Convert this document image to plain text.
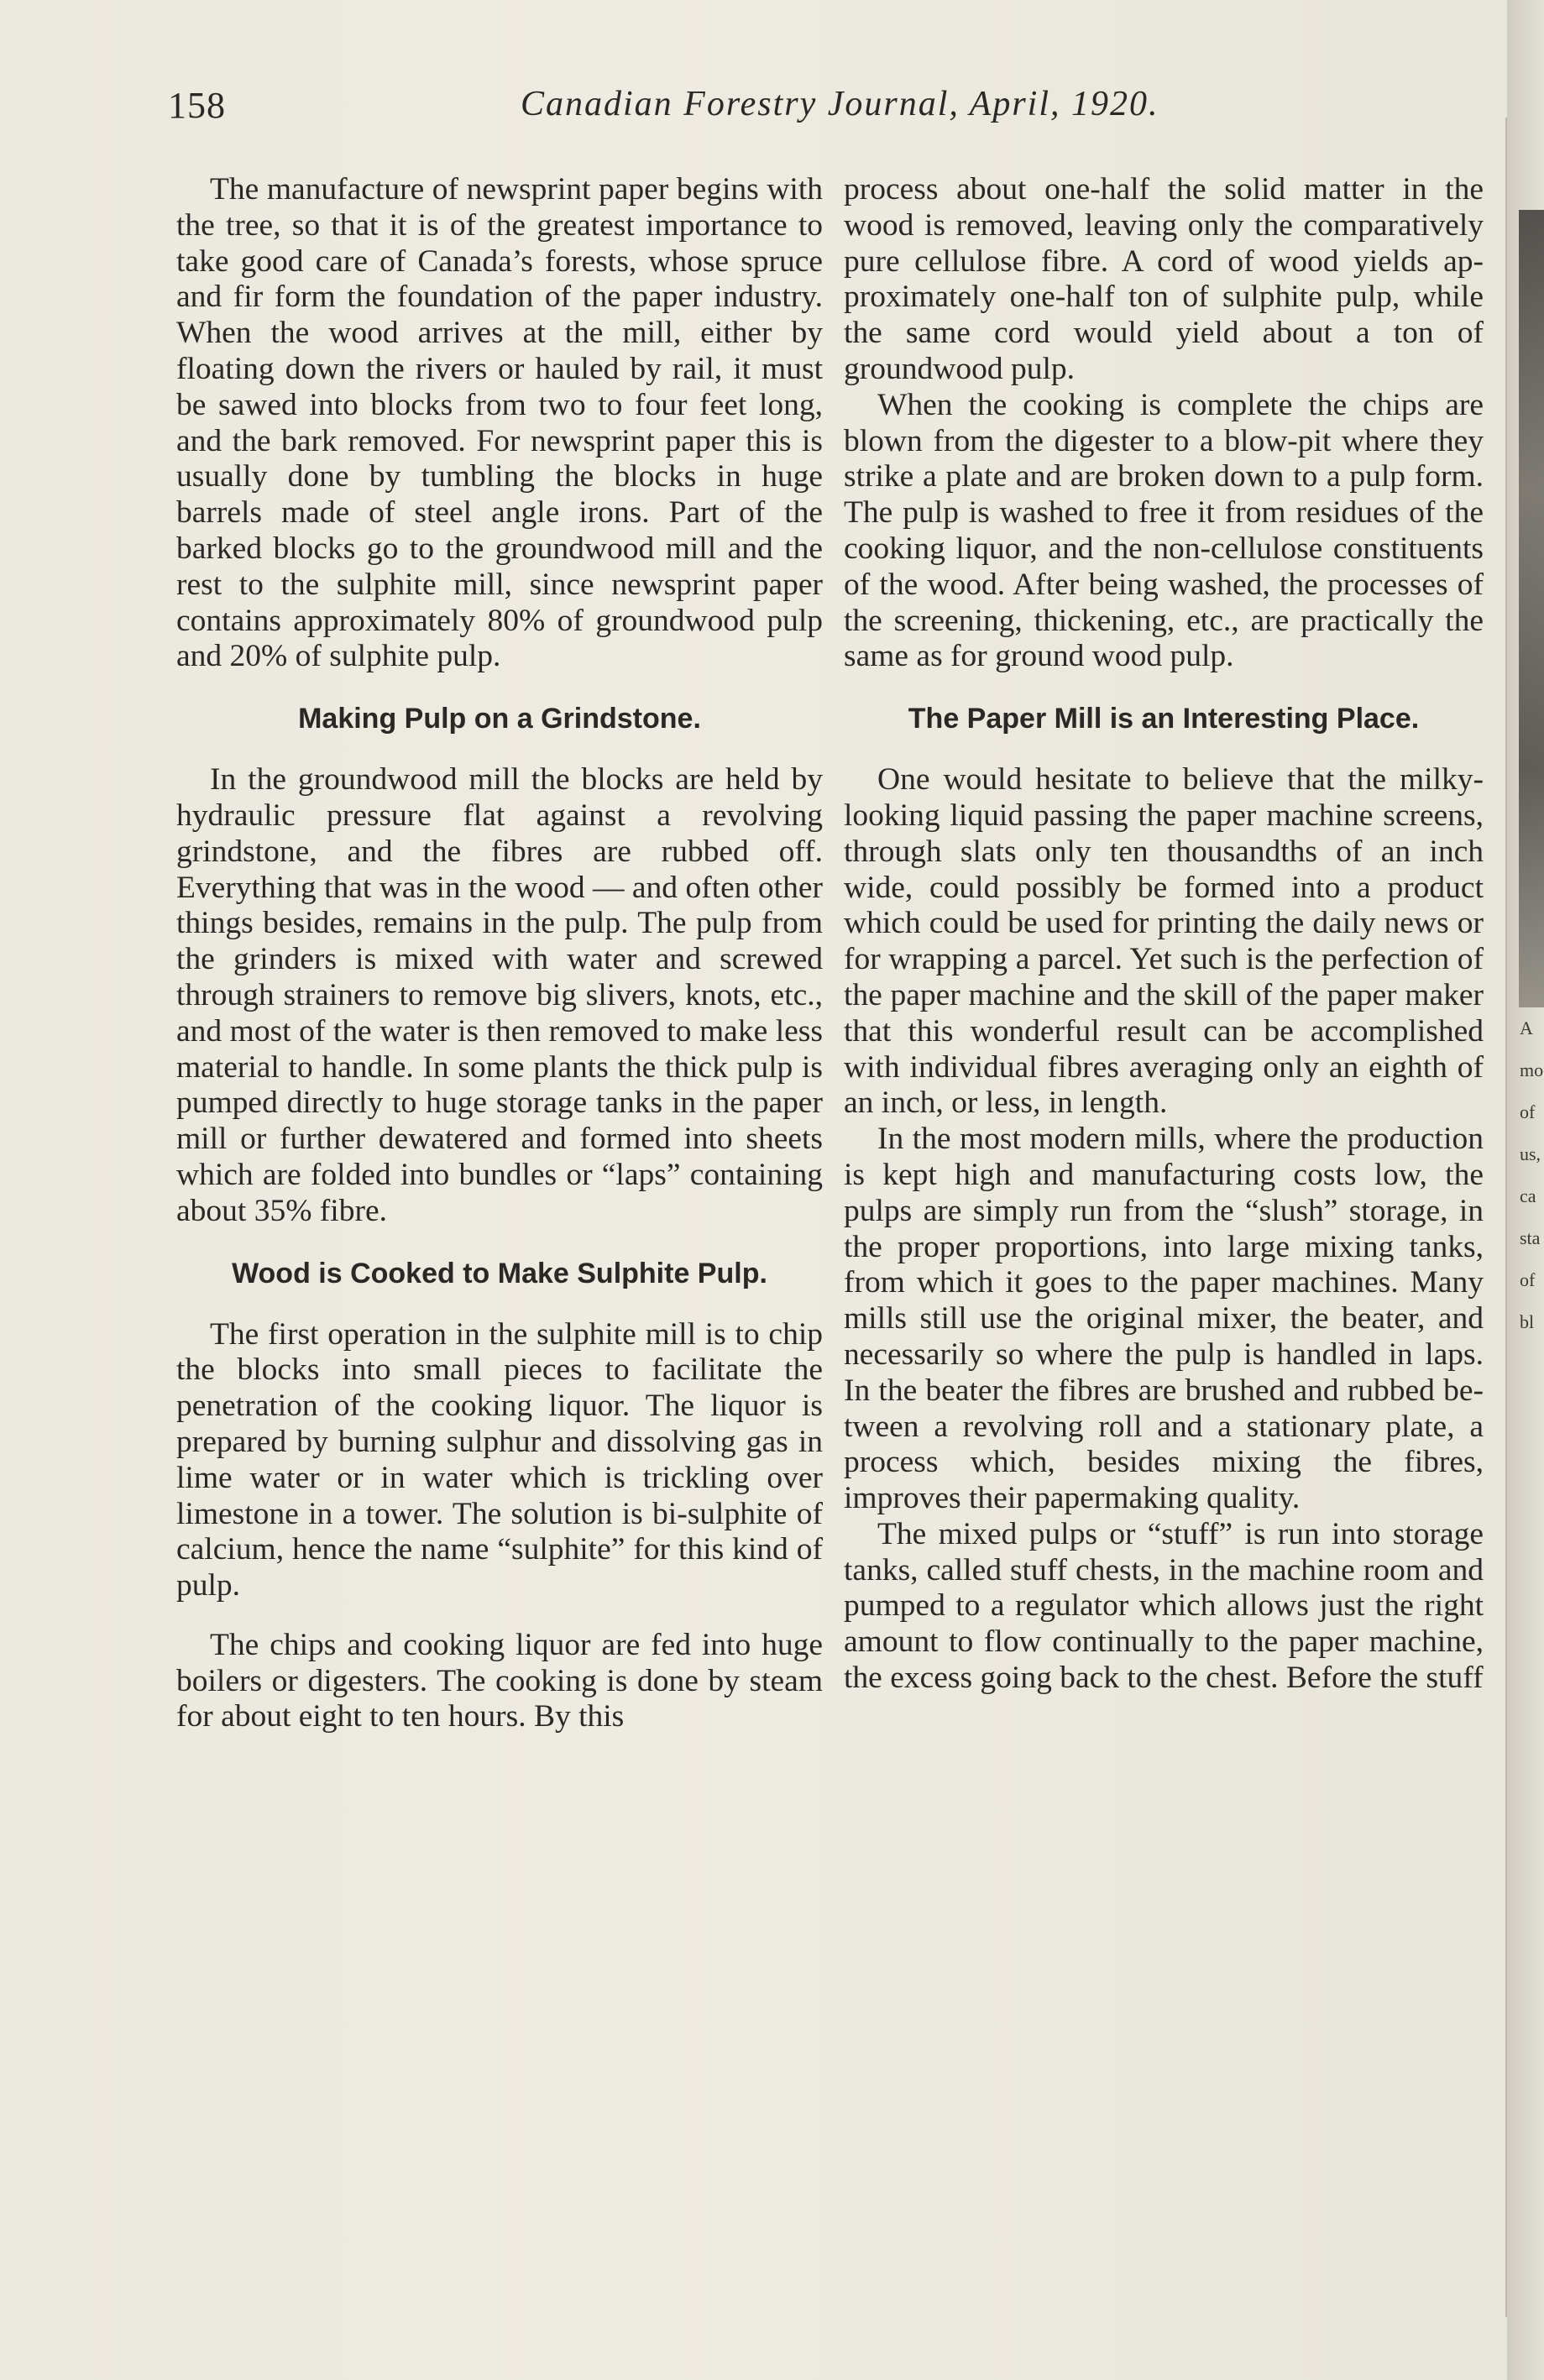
158	Canadian Forestry Journal, April, 1920.

The manufacture of newsprint paper begins with the tree, so that it is of the greatest importance to take good care of Canada’s forests, whose spruce and fir form the foundation of the paper industry. When the wood arrives at the mill, either by floating down the rivers or hauled by rail, it must be sawed into blocks from two to four feet long, and the bark removed. For newsprint paper this is usually done by tumbling the blocks in huge barrels made of steel angle irons. Part of the barked blocks go to the groundwood mill and the rest to the sulphite mill, since newsprint paper contains approximately 80% of groundwood pulp and 20% of sulphite pulp.

Making Pulp on a Grindstone.

In the groundwood mill the blocks are held by hydraulic pressure flat against a revolving grindstone, and the fibres are rubbed off. Everything that was in the wood — and often other things besides, remains in the pulp. The pulp from the grinders is mixed with water and screwed through strainers to remove big slivers, knots, etc., and most of the water is then removed to make less material to handle. In some plants the thick pulp is pumped directly to huge storage tanks in the paper mill or further dewatered and formed into sheets which are folded into bundles or “laps” containing about 35% fibre.

Wood is Cooked to Make Sulphite Pulp.

The first operation in the sulphite mill is to chip the blocks into small pieces to facilitate the penetration of the cooking liquor. The liquor is prepared by burning sulphur and dissolving gas in lime water or in water which is trickling over limestone in a tower. The solution is bi-sulphite of calcium, hence the name “sulphite” for this kind of pulp.

The chips and cooking liquor are fed into huge boilers or digesters. The cooking is done by steam for about eight to ten hours. By this

process about one-half the solid matter in the wood is removed, leaving only the comparatively pure cellulose fibre. A cord of wood yields approximately one-half ton of sulphite pulp, while the same cord would yield about a ton of groundwood pulp.

When the cooking is complete the chips are blown from the digester to a blow-pit where they strike a plate and are broken down to a pulp form. The pulp is washed to free it from residues of the cooking liquor, and the non-cellulose constituents of the wood. After being washed, the processes of the screening, thickening, etc., are practically the same as for ground wood pulp.

The Paper Mill is an Interesting Place.

One would hesitate to believe that the milky-looking liquid passing the paper machine screens, through slats only ten thousandths of an inch wide, could possibly be formed into a product which could be used for printing the daily news or for wrapping a parcel. Yet such is the perfection of the paper machine and the skill of the paper maker that this wonderful result can be accomplished with individual fibres averaging only an eighth of an inch, or less, in length.

In the most modern mills, where the production is kept high and manufacturing costs low, the pulps are simply run from the “slush” storage, in the proper proportions, into large mixing tanks, from which it goes to the paper machines. Many mills still use the original mixer, the beater, and necessarily so where the pulp is handled in laps. In the beater the fibres are brushed and rubbed between a revolving roll and a stationary plate, a process which, besides mixing the fibres, improves their papermaking quality.

The mixed pulps or “stuff” is run into storage tanks, called stuff chests, in the machine room and pumped to a regulator which allows just the right amount to flow continually to the paper machine, the excess going back to the chest. Before the stuff

A
mo
of
us,
ca
sta
of
bl
